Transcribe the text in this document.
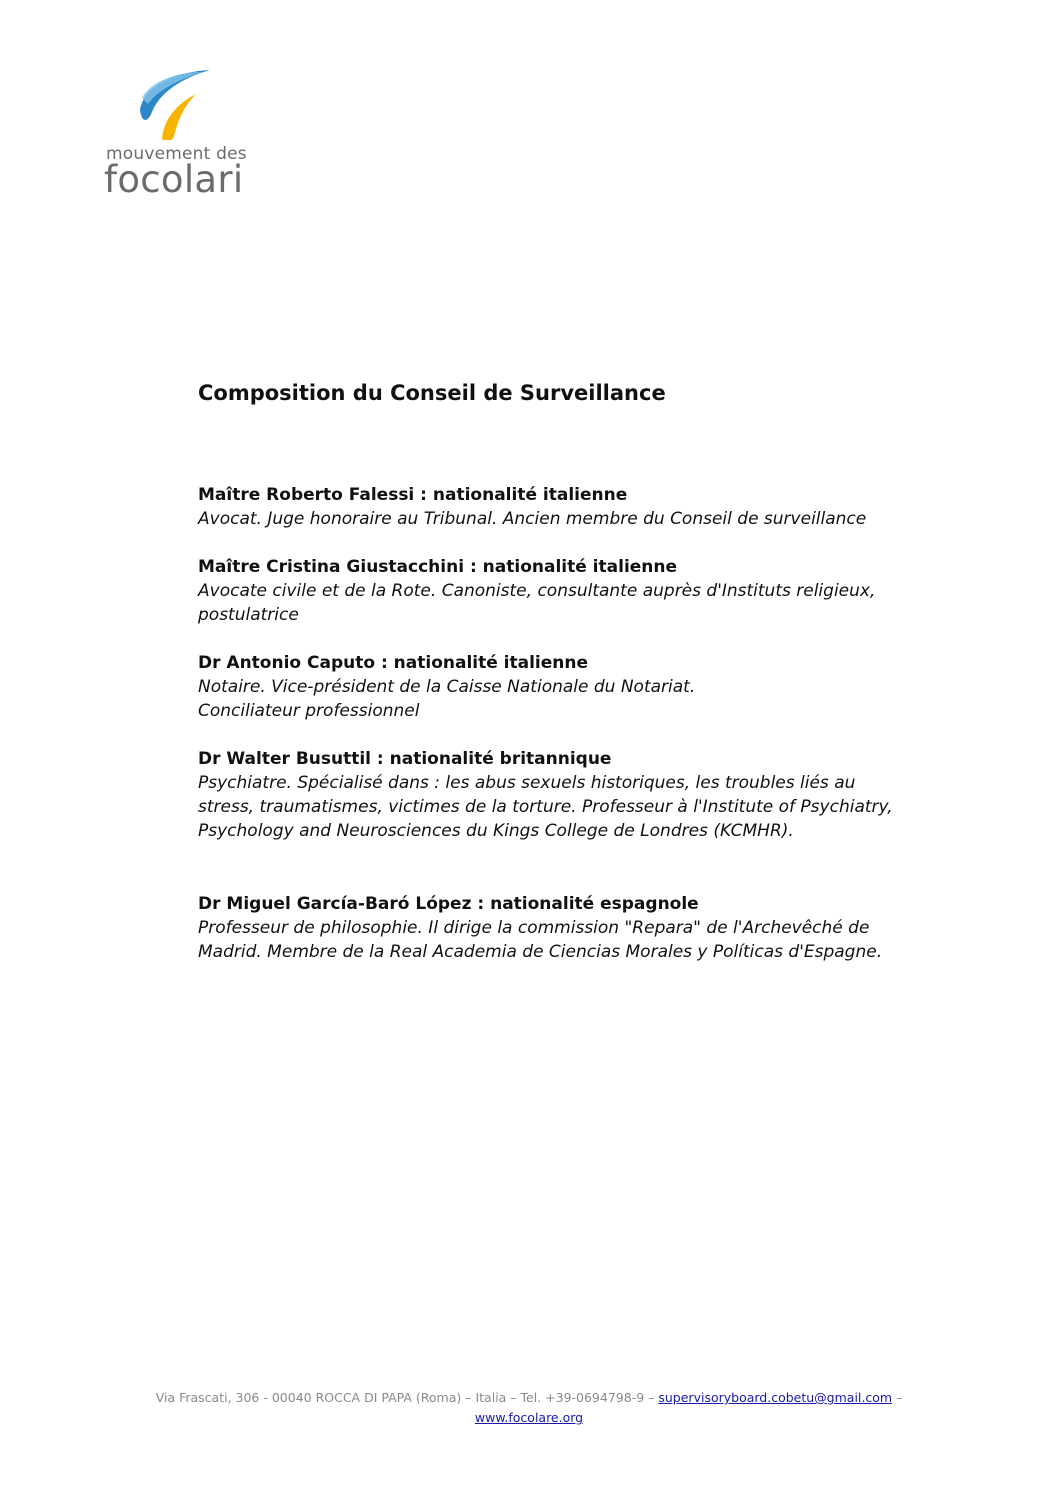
mouvement des
focolari
Composition du Conseil de Surveillance
Maître Roberto Falessi : nationalité italienne
Avocat. Juge honoraire au Tribunal. Ancien membre du Conseil de surveillance
Maître Cristina Giustacchini : nationalité italienne
Avocate civile et de la Rote. Canoniste, consultante auprès d'Instituts religieux,
postulatrice
Dr Antonio Caputo : nationalité italienne
Notaire. Vice-président de la Caisse Nationale du Notariat.
Conciliateur professionnel
Dr Walter Busuttil : nationalité britannique
Psychiatre. Spécialisé dans : les abus sexuels historiques, les troubles liés au
stress, traumatismes, victimes de la torture. Professeur à l'Institute of Psychiatry,
Psychology and Neurosciences du Kings College de Londres (KCMHR).
Dr Miguel García-Baró López : nationalité espagnole
Professeur de philosophie. Il dirige la commission "Repara" de l'Archevêché de
Madrid. Membre de la Real Academia de Ciencias Morales y Políticas d'Espagne.
Via Frascati, 306 - 00040 ROCCA DI PAPA (Roma) – Italia – Tel. +39-0694798-9 – supervisoryboard.cobetu@gmail.com –
www.focolare.org
